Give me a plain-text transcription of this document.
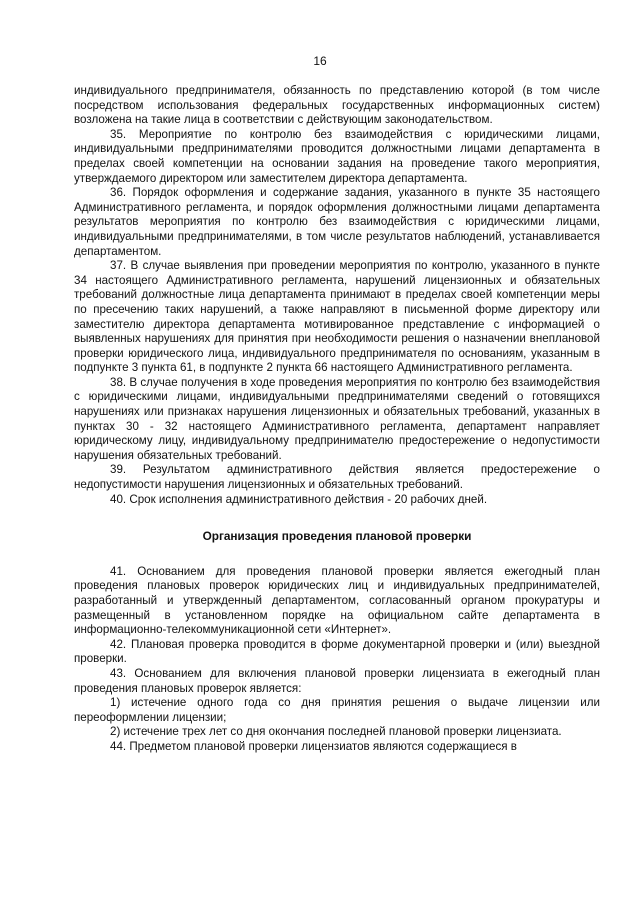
16

индивидуального предпринимателя, обязанность по представлению которой (в том числе посредством использования федеральных государственных информационных систем) возложена на такие лица в соответствии с действующим законодательством.

35. Мероприятие по контролю без взаимодействия с юридическими лицами, индивидуальными предпринимателями проводится должностными лицами департамента в пределах своей компетенции на основании задания на проведение такого мероприятия, утверждаемого директором или заместителем директора департамента.

36. Порядок оформления и содержание задания, указанного в пункте 35 настоящего Административного регламента, и порядок оформления должностными лицами департамента результатов мероприятия по контролю без взаимодействия с юридическими лицами, индивидуальными предпринимателями, в том числе результатов наблюдений, устанавливается департаментом.

37. В случае выявления при проведении мероприятия по контролю, указанного в пункте 34 настоящего Административного регламента, нарушений лицензионных и обязательных требований должностные лица департамента принимают в пределах своей компетенции меры по пресечению таких нарушений, а также направляют в письменной форме директору или заместителю директора департамента мотивированное представление с информацией о выявленных нарушениях для принятия при необходимости решения о назначении внеплановой проверки юридического лица, индивидуального предпринимателя по основаниям, указанным в подпункте 3 пункта 61, в подпункте 2 пункта 66 настоящего Административного регламента.

38. В случае получения в ходе проведения мероприятия по контролю без взаимодействия с юридическими лицами, индивидуальными предпринимателями сведений о готовящихся нарушениях или признаках нарушения лицензионных и обязательных требований, указанных в пунктах 30 - 32 настоящего Административного регламента, департамент направляет юридическому лицу, индивидуальному предпринимателю предостережение о недопустимости нарушения обязательных требований.

39. Результатом административного действия является предостережение о недопустимости нарушения лицензионных и обязательных требований.

40. Срок исполнения административного действия - 20 рабочих дней.

Организация проведения плановой проверки

41. Основанием для проведения плановой проверки является ежегодный план проведения плановых проверок юридических лиц и индивидуальных предпринимателей, разработанный и утвержденный департаментом, согласованный органом прокуратуры и размещенный в установленном порядке на официальном сайте департамента в информационно-телекоммуникационной сети «Интернет».

42. Плановая проверка проводится в форме документарной проверки и (или) выездной проверки.

43. Основанием для включения плановой проверки лицензиата в ежегодный план проведения плановых проверок является:

1) истечение одного года со дня принятия решения о выдаче лицензии или переоформлении лицензии;

2) истечение трех лет со дня окончания последней плановой проверки лицензиата.

44. Предметом плановой проверки лицензиатов являются содержащиеся в
